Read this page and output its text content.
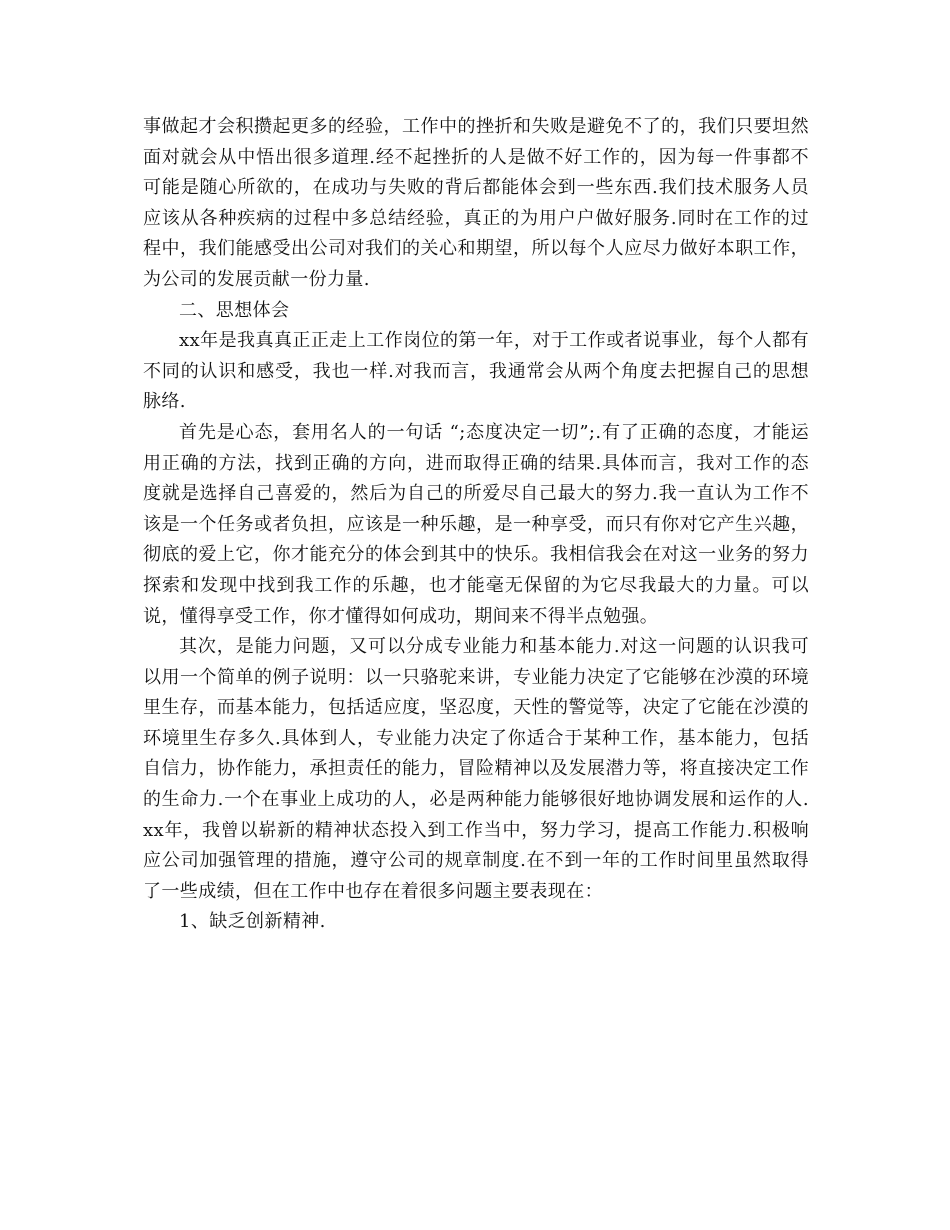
事做起才会积攒起更多的经验，工作中的挫折和失败是避免不了的，我们只要坦然面对就会从中悟出很多道理.经不起挫折的人是做不好工作的，因为每一件事都不可能是随心所欲的，在成功与失败的背后都能体会到一些东西.我们技术服务人员应该从各种疾病的过程中多总结经验，真正的为用户户做好服务.同时在工作的过程中，我们能感受出公司对我们的关心和期望，所以每个人应尽力做好本职工作，为公司的发展贡献一份力量.

二、思想体会

xx年是我真真正正走上工作岗位的第一年，对于工作或者说事业，每个人都有不同的认识和感受，我也一样.对我而言，我通常会从两个角度去把握自己的思想脉络.

首先是心态，套用名人的一句话 “;态度决定一切”;.有了正确的态度，才能运用正确的方法，找到正确的方向，进而取得正确的结果.具体而言，我对工作的态度就是选择自己喜爱的，然后为自己的所爱尽自己最大的努力.我一直认为工作不该是一个任务或者负担，应该是一种乐趣，是一种享受，而只有你对它产生兴趣，彻底的爱上它，你才能充分的体会到其中的快乐。我相信我会在对这一业务的努力探索和发现中找到我工作的乐趣，也才能毫无保留的为它尽我最大的力量。可以说，懂得享受工作，你才懂得如何成功，期间来不得半点勉强。

其次，是能力问题，又可以分成专业能力和基本能力.对这一问题的认识我可以用一个简单的例子说明：以一只骆驼来讲，专业能力决定了它能够在沙漠的环境里生存，而基本能力，包括适应度，坚忍度，天性的警觉等，决定了它能在沙漠的环境里生存多久.具体到人，专业能力决定了你适合于某种工作，基本能力，包括自信力，协作能力，承担责任的能力，冒险精神以及发展潜力等，将直接决定工作的生命力.一个在事业上成功的人，必是两种能力能够很好地协调发展和运作的人.xx年，我曾以崭新的精神状态投入到工作当中，努力学习，提高工作能力.积极响应公司加强管理的措施，遵守公司的规章制度.在不到一年的工作时间里虽然取得了一些成绩，但在工作中也存在着很多问题主要表现在：

1、缺乏创新精神.
